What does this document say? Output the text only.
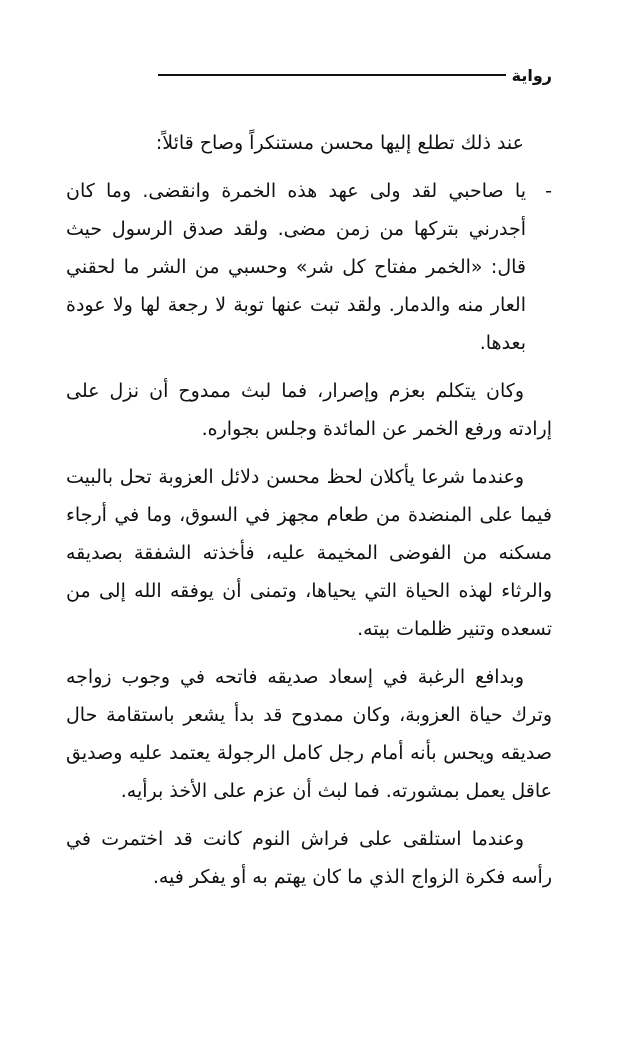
رواية

عند ذلك تطلع إليها محسن مستنكراً وصاح قائلاً:

-
يا صاحبي لقد ولى عهد هذه الخمرة وانقضى. وما كان أجدرني بتركها من زمن مضى. ولقد صدق الرسول حيث قال: «الخمر مفتاح كل شر» وحسبي من الشر ما لحقني العار منه والدمار. ولقد تبت عنها توبة لا رجعة لها ولا عودة بعدها.

وكان يتكلم بعزم وإصرار، فما لبث ممدوح أن نزل على إرادته ورفع الخمر عن المائدة وجلس بجواره.

وعندما شرعا يأكلان لحظ محسن دلائل العزوبة تحل بالبيت فيما على المنضدة من طعام مجهز في السوق، وما في أرجاء مسكنه من الفوضى المخيمة عليه، فأخذته الشفقة بصديقه والرثاء لهذه الحياة التي يحياها، وتمنى أن يوفقه الله إلى من تسعده وتنير ظلمات بيته.

وبدافع الرغبة في إسعاد صديقه فاتحه في وجوب زواجه وترك حياة العزوبة، وكان ممدوح قد بدأ يشعر باستقامة حال صديقه ويحس بأنه أمام رجل كامل الرجولة يعتمد عليه وصديق عاقل يعمل بمشورته. فما لبث أن عزم على الأخذ برأيه.

وعندما استلقى على فراش النوم كانت قد اختمرت في رأسه فكرة الزواج الذي ما كان يهتم به أو يفكر فيه.
